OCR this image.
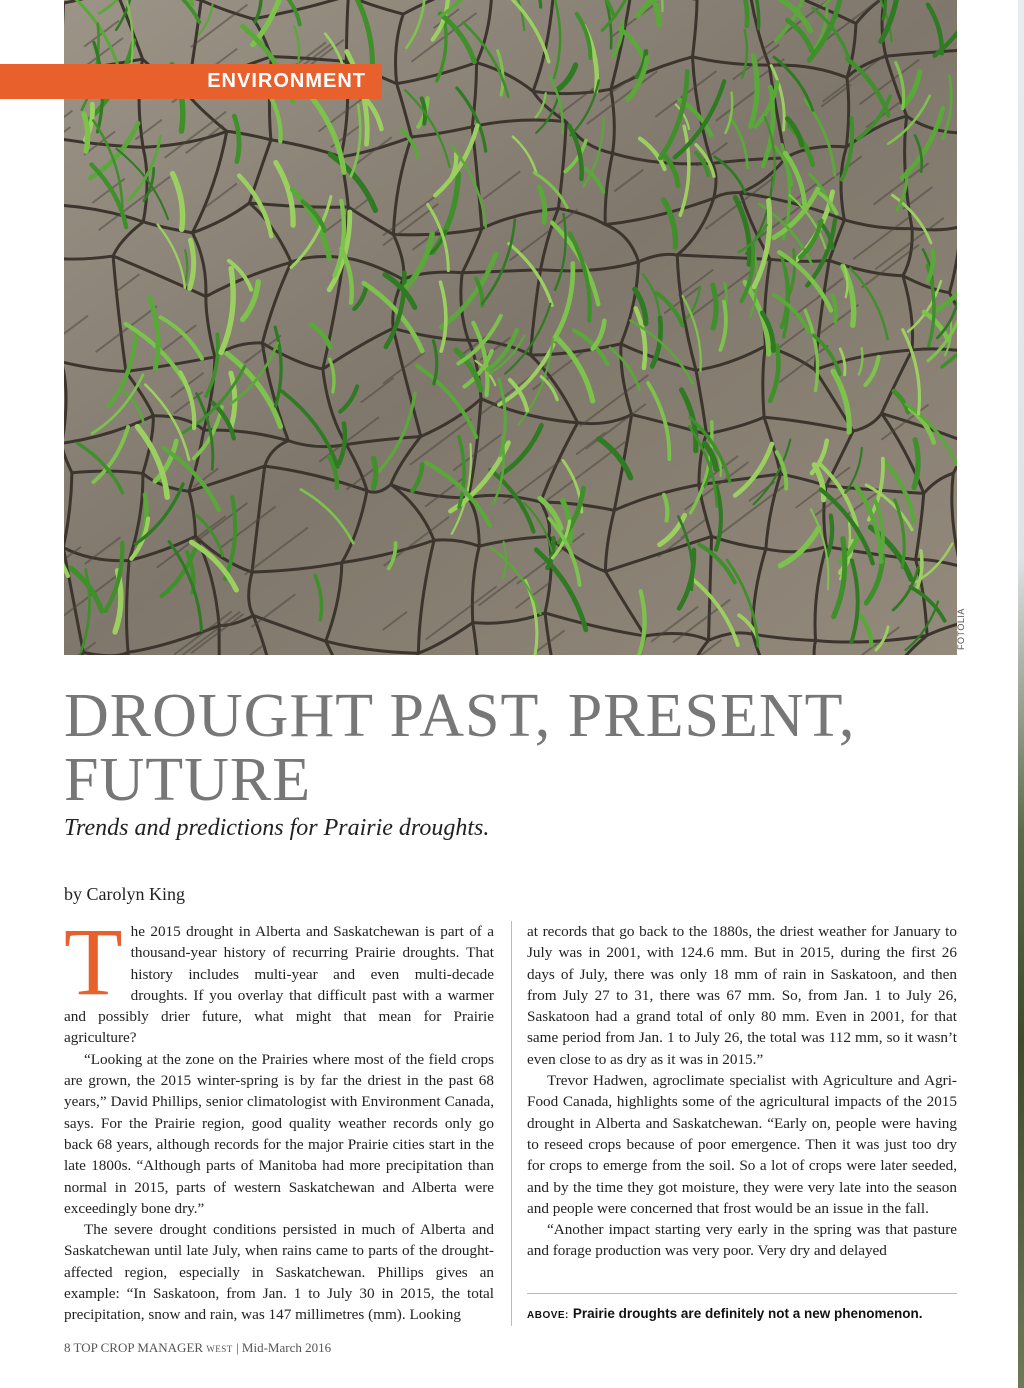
ENVIRONMENT
FOTOLIA
DROUGHT PAST, PRESENT, FUTURE

Trends and predictions for Prairie droughts.

by Carolyn King

The 2015 drought in Alberta and Saskatchewan is part of a thousand-year history of recurring Prairie droughts. That history includes multi-year and even multi-decade droughts. If you overlay that difficult past with a warmer and possibly drier future, what might that mean for Prairie agriculture?

“Looking at the zone on the Prairies where most of the field crops are grown, the 2015 winter-spring is by far the driest in the past 68 years,” David Phillips, senior climatologist with Environment Canada, says. For the Prairie region, good quality weather records only go back 68 years, although records for the major Prairie cities start in the late 1800s. “Although parts of Manitoba had more precipitation than normal in 2015, parts of western Saskatchewan and Alberta were exceedingly bone dry.”

The severe drought conditions persisted in much of Alberta and Saskatchewan until late July, when rains came to parts of the drought-affected region, especially in Saskatchewan. Phillips gives an example: “In Saskatoon, from Jan. 1 to July 30 in 2015, the total precipitation, snow and rain, was 147 millimetres (mm). Looking

at records that go back to the 1880s, the driest weather for January to July was in 2001, with 124.6 mm. But in 2015, during the first 26 days of July, there was only 18 mm of rain in Saskatoon, and then from July 27 to 31, there was 67 mm. So, from Jan. 1 to July 26, Saskatoon had a grand total of only 80 mm. Even in 2001, for that same period from Jan. 1 to July 26, the total was 112 mm, so it wasn’t even close to as dry as it was in 2015.”

Trevor Hadwen, agroclimate specialist with Agriculture and Agri-Food Canada, highlights some of the agricultural impacts of the 2015 drought in Alberta and Saskatchewan. “Early on, people were having to reseed crops because of poor emergence. Then it was just too dry for crops to emerge from the soil. So a lot of crops were later seeded, and by the time they got moisture, they were very late into the season and people were concerned that frost would be an issue in the fall.

“Another impact starting very early in the spring was that pasture and forage production was very poor. Very dry and delayed

ABOVE: Prairie droughts are definitely not a new phenomenon.
8 TOP CROP MANAGER WEST | Mid-March 2016
